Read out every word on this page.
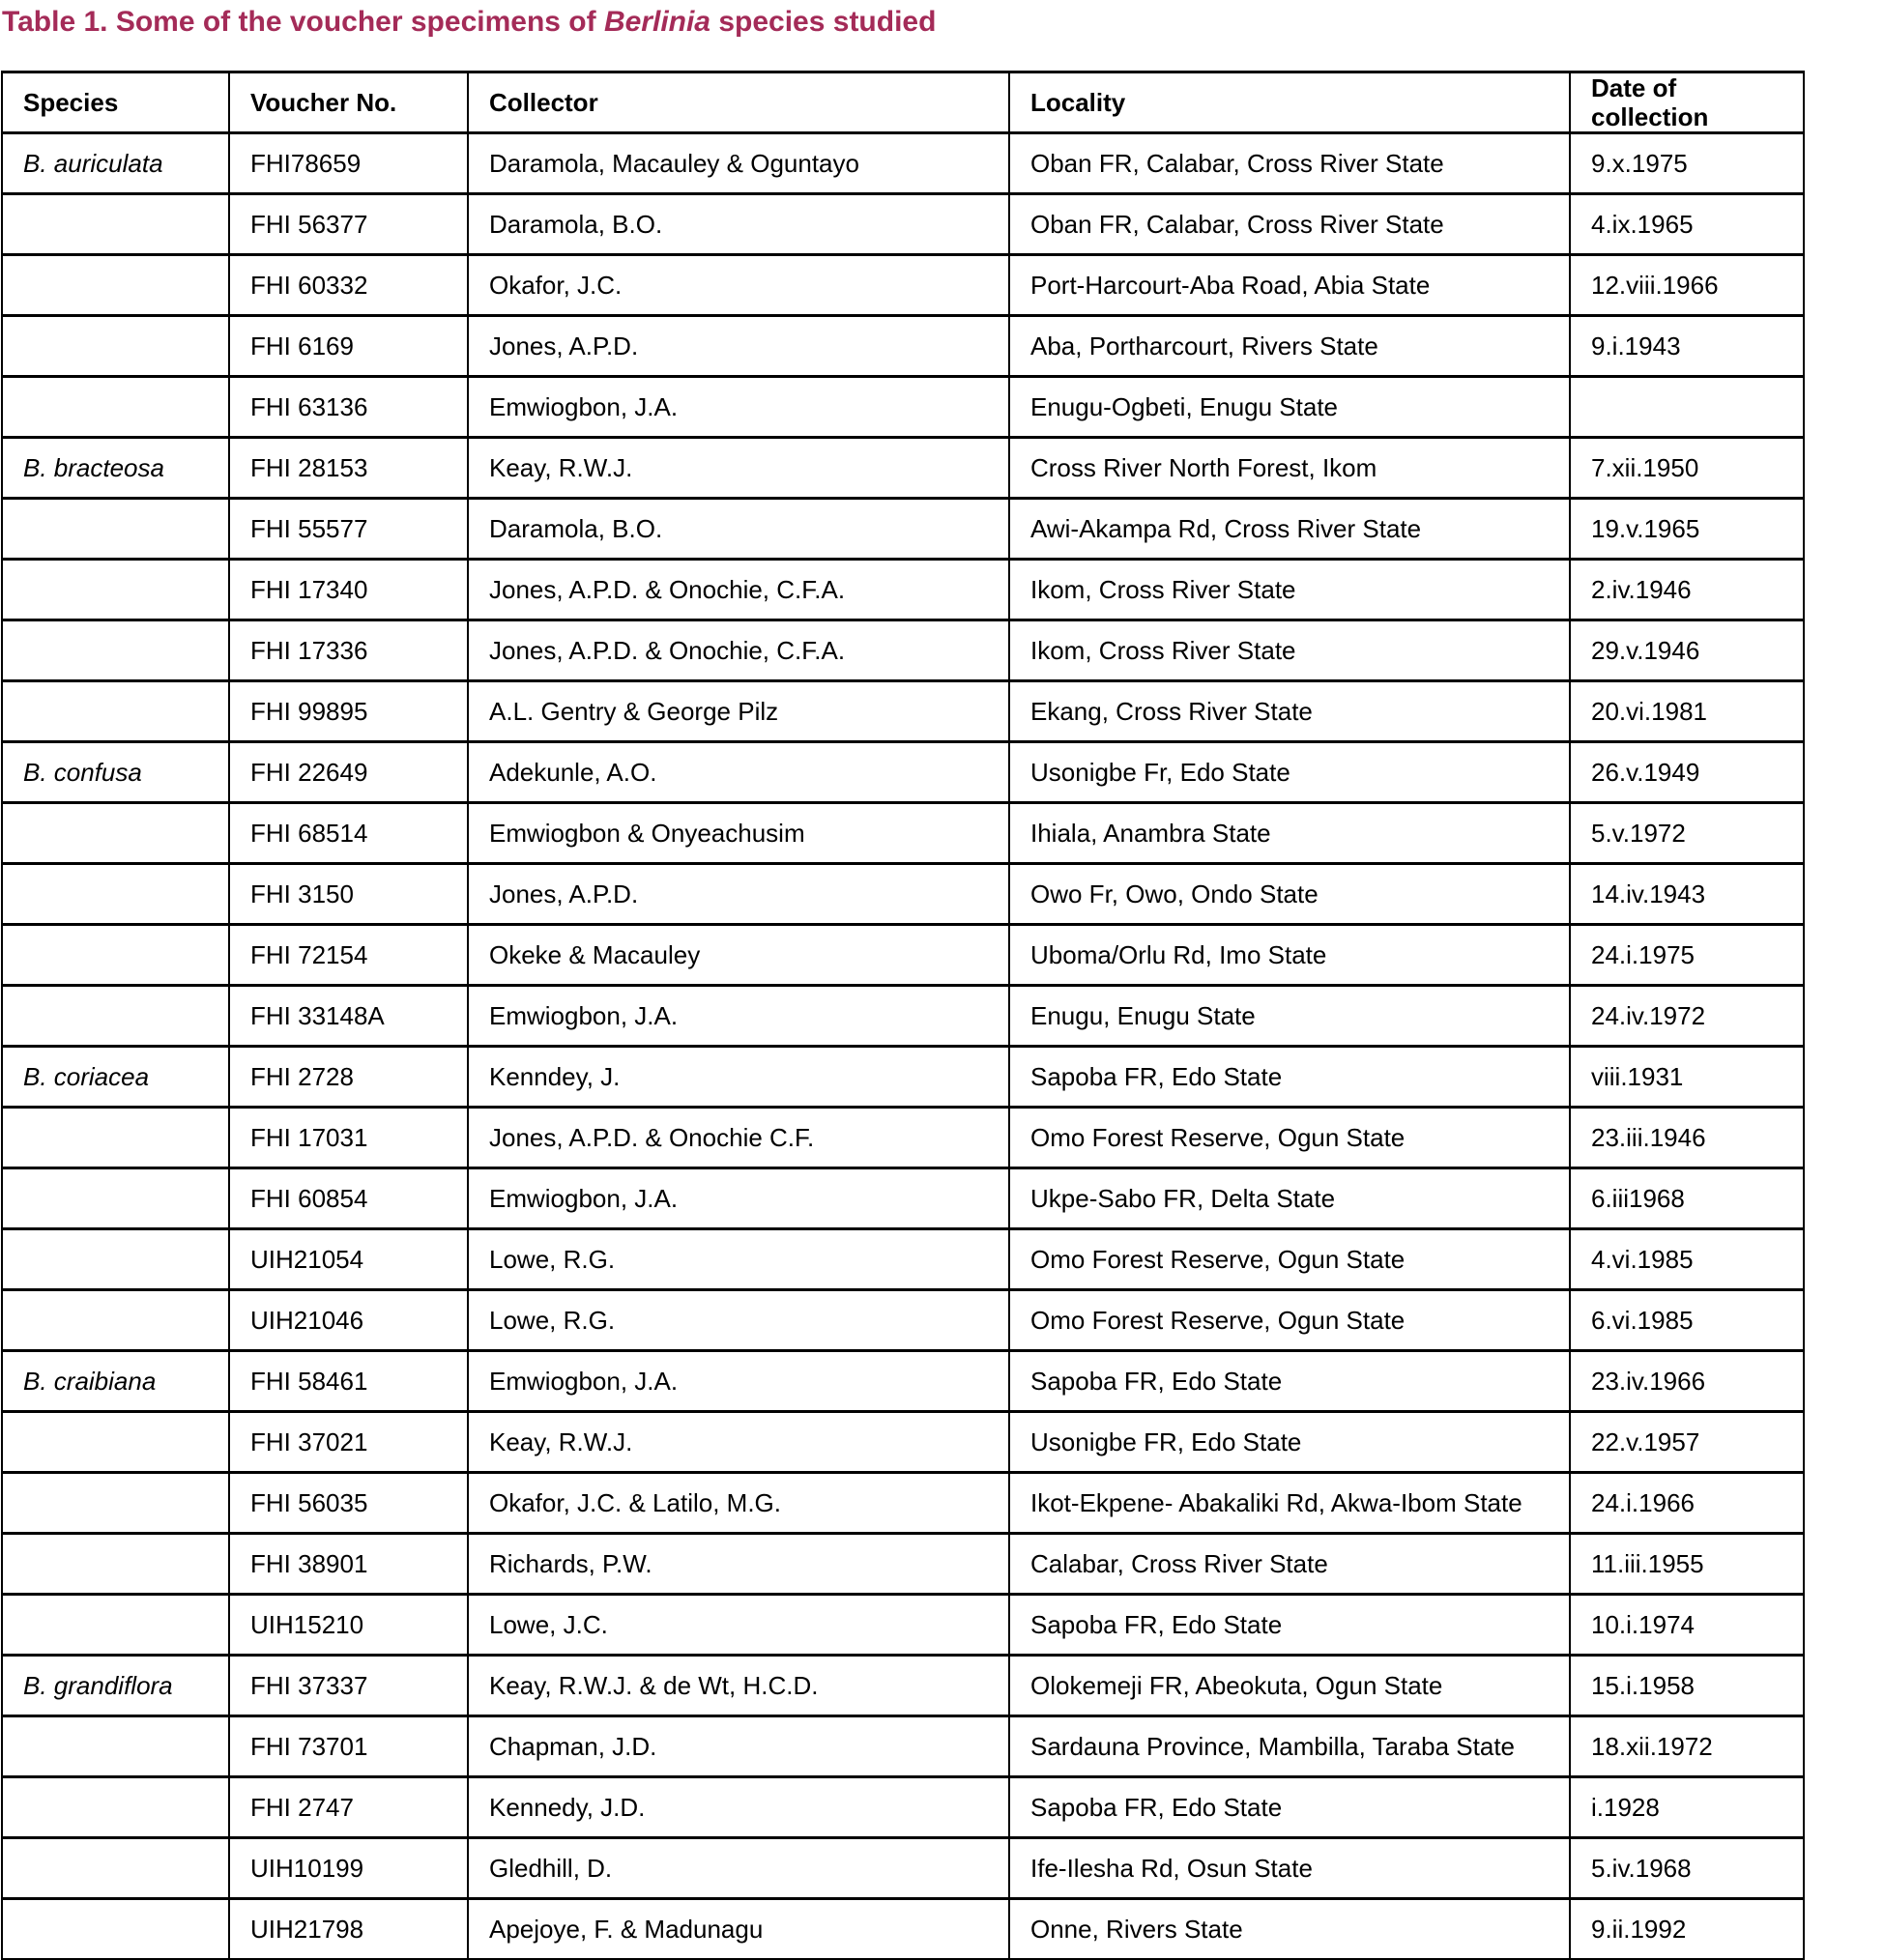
Table 1. Some of the voucher specimens of Berlinia species studied
Species	Voucher No.	Collector	Locality	Date of collection

B. auriculata	FHI78659	Daramola, Macauley & Oguntayo	Oban FR, Calabar, Cross River State	9.x.1975
	FHI 56377	Daramola, B.O.	Oban FR, Calabar, Cross River State	4.ix.1965
	FHI 60332	Okafor, J.C.	Port-Harcourt-Aba Road, Abia State	12.viii.1966
	FHI 6169	Jones, A.P.D.	Aba, Portharcourt, Rivers State	9.i.1943
	FHI 63136	Emwiogbon, J.A.	Enugu-Ogbeti, Enugu State	
B. bracteosa	FHI 28153	Keay, R.W.J.	Cross River North Forest, Ikom	7.xii.1950
	FHI 55577	Daramola, B.O.	Awi-Akampa Rd, Cross River State	19.v.1965
	FHI 17340	Jones, A.P.D. & Onochie, C.F.A.	Ikom, Cross River State	2.iv.1946
	FHI 17336	Jones, A.P.D. & Onochie, C.F.A.	Ikom, Cross River State	29.v.1946
	FHI 99895	A.L. Gentry & George Pilz	Ekang, Cross River State	20.vi.1981
B. confusa	FHI 22649	Adekunle, A.O.	Usonigbe Fr, Edo State	26.v.1949
	FHI 68514	Emwiogbon & Onyeachusim	Ihiala, Anambra State	5.v.1972
	FHI 3150	Jones, A.P.D.	Owo Fr, Owo, Ondo State	14.iv.1943
	FHI 72154	Okeke & Macauley	Uboma/Orlu Rd, Imo State	24.i.1975
	FHI 33148A	Emwiogbon, J.A.	Enugu, Enugu State	24.iv.1972
B. coriacea	FHI 2728	Kenndey, J.	Sapoba FR, Edo State	viii.1931
	FHI 17031	Jones, A.P.D. & Onochie C.F.	Omo Forest Reserve, Ogun State	23.iii.1946
	FHI 60854	Emwiogbon, J.A.	Ukpe-Sabo FR, Delta State	6.iii1968
	UIH21054	Lowe, R.G.	Omo Forest Reserve, Ogun State	4.vi.1985
	UIH21046	Lowe, R.G.	Omo Forest Reserve, Ogun State	6.vi.1985
B. craibiana	FHI 58461	Emwiogbon, J.A.	Sapoba FR, Edo State	23.iv.1966
	FHI 37021	Keay, R.W.J.	Usonigbe FR, Edo State	22.v.1957
	FHI 56035	Okafor, J.C. & Latilo, M.G.	Ikot-Ekpene- Abakaliki Rd, Akwa-Ibom State	24.i.1966
	FHI 38901	Richards, P.W.	Calabar, Cross River State	11.iii.1955
	UIH15210	Lowe, J.C.	Sapoba FR, Edo State	10.i.1974
B. grandiflora	FHI 37337	Keay, R.W.J. & de Wt, H.C.D.	Olokemeji FR, Abeokuta, Ogun State	15.i.1958
	FHI 73701	Chapman, J.D.	Sardauna Province, Mambilla, Taraba State	18.xii.1972
	FHI 2747	Kennedy, J.D.	Sapoba FR, Edo State	i.1928
	UIH10199	Gledhill, D.	Ife-Ilesha Rd, Osun State	5.iv.1968
	UIH21798	Apejoye, F. & Madunagu	Onne, Rivers State	9.ii.1992
